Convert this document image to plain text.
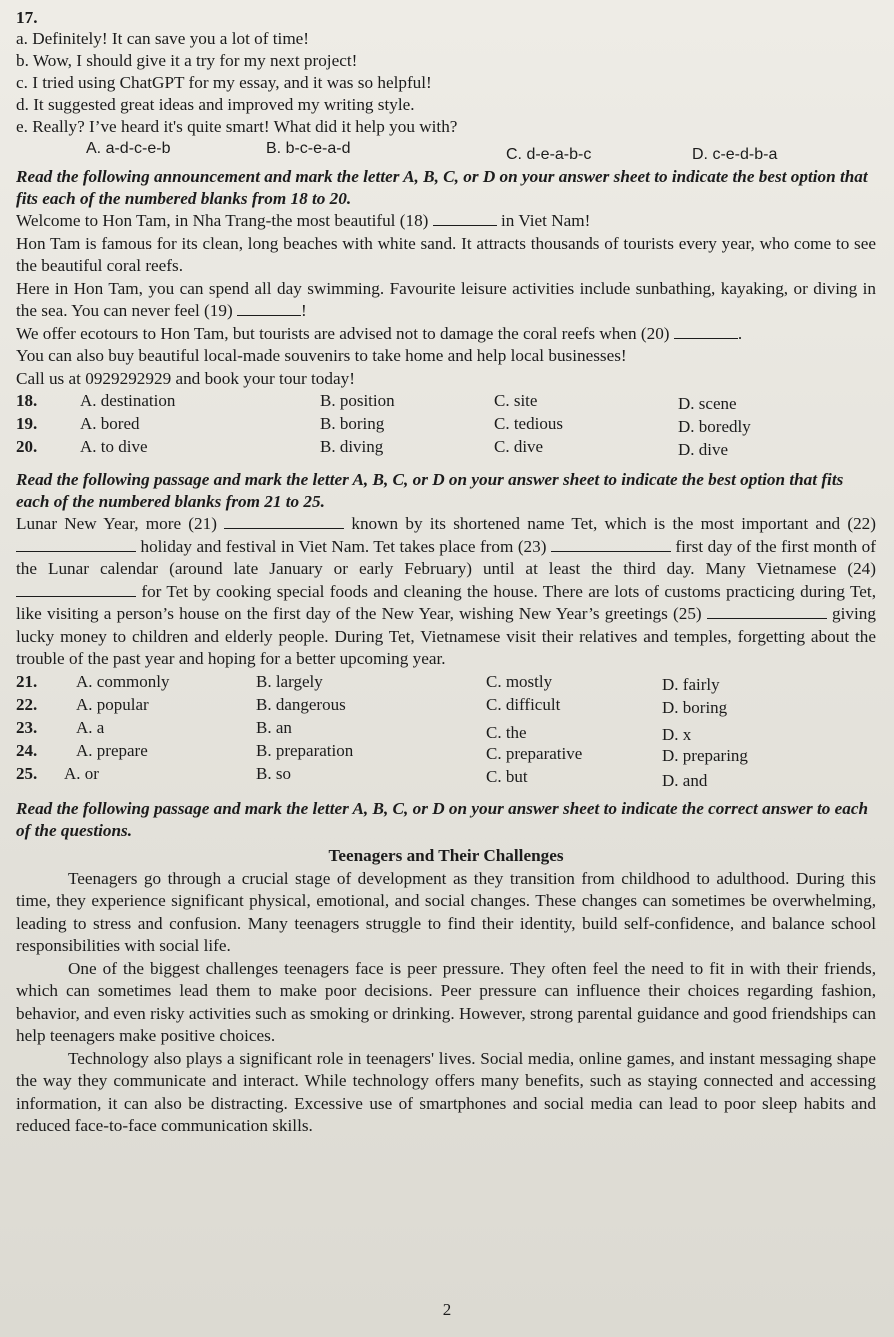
17.

a. Definitely! It can save you a lot of time!

b. Wow, I should give it a try for my next project!

c. I tried using ChatGPT for my essay, and it was so helpful!

d. It suggested great ideas and improved my writing style.

e. Really? I’ve heard it's quite smart! What did it help you with?

A. a-d-c-e-b	B. b-c-e-a-d	C. d-e-a-b-c	D. c-e-d-b-a

Read the following announcement and mark the letter A, B, C, or D on your answer sheet to indicate the best option that fits each of the numbered blanks from 18 to 20.

Welcome to Hon Tam, in Nha Trang-the most beautiful (18)	in Viet Nam!

Hon Tam is famous for its clean, long beaches with white sand. It attracts thousands of tourists every year, who come to see the beautiful coral reefs.

Here in Hon Tam, you can spend all day swimming. Favourite leisure activities include sunbathing, kayaking, or diving in the sea. You can never feel (19)	!

We offer ecotours to Hon Tam, but tourists are advised not to damage the coral reefs when (20)	.

You can also buy beautiful local-made souvenirs to take home and help local businesses!

Call us at 0929292929 and book your tour today!

18.	A. destination	B. position	C. site	D. scene
19.	A. bored	B. boring	C. tedious	D. boredly
20.	A. to dive	B. diving	C. dive	D. dive

Read the following passage and mark the letter A, B, C, or D on your answer sheet to indicate the best option that fits each of the numbered blanks from 21 to 25.

Lunar New Year, more (21)	known by its shortened name Tet, which is the most important and (22)  holiday and festival in Viet Nam. Tet takes place from (23)	first day of the first month of the Lunar calendar (around late January or early February) until at least the third day. Many Vietnamese (24)  for Tet by cooking special foods and cleaning the house. There are lots of customs practicing during Tet, like visiting a person’s house on the first day of the New Year, wishing New Year’s greetings (25)	giving lucky money to children and elderly people. During Tet, Vietnamese visit their relatives and temples, forgetting about the trouble of the past year and hoping for a better upcoming year.
21. A. commonly	B. largely	C. mostly	D. fairly
22. A. popular	B. dangerous	C. difficult	D. boring
23. A. a	B. an	C. the	D. x
24. A. prepare	B. preparation	C. preparative	D. preparing
25. A. or	B. so	C. but	D. and

Read the following passage and mark the letter A, B, C, or D on your answer sheet to indicate the correct answer to each of the questions.

Teenagers and Their Challenges

Teenagers go through a crucial stage of development as they transition from childhood to adulthood. During this time, they experience significant physical, emotional, and social changes. These changes can sometimes be overwhelming, leading to stress and confusion. Many teenagers struggle to find their identity, build self-confidence, and balance school responsibilities with social life.

One of the biggest challenges teenagers face is peer pressure. They often feel the need to fit in with their friends, which can sometimes lead them to make poor decisions. Peer pressure can influence their choices regarding fashion, behavior, and even risky activities such as smoking or drinking. However, strong parental guidance and good friendships can help teenagers make positive choices.

Technology also plays a significant role in teenagers' lives. Social media, online games, and instant messaging shape the way they communicate and interact. While technology offers many benefits, such as staying connected and accessing information, it can also be distracting. Excessive use of smartphones and social media can lead to poor sleep habits and reduced face-to-face communication skills.

2
